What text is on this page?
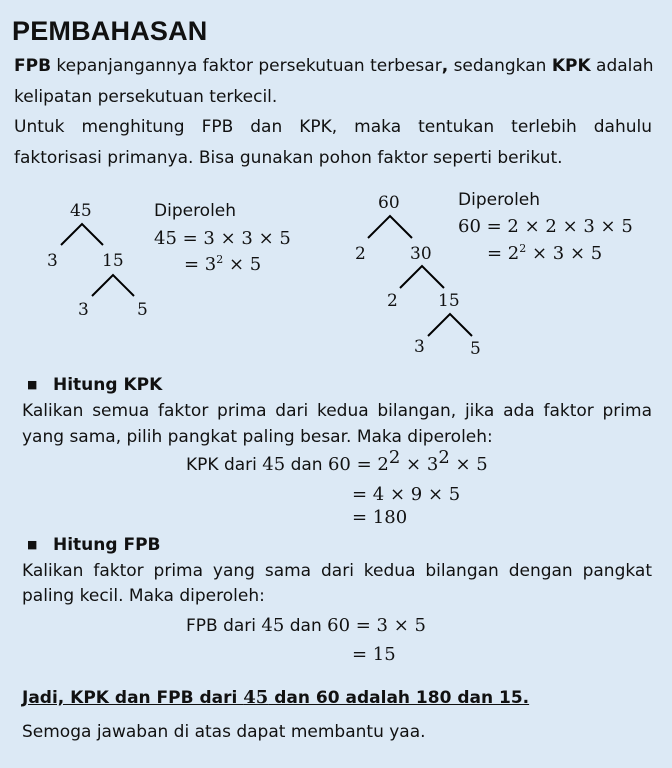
PEMBAHASAN
FPB kepanjangannya faktor persekutuan terbesar, sedangkan KPK adalah
kelipatan persekutuan terkecil.
Untuk menghitung FPB dan KPK, maka tentukan terlebih dahulu
faktorisasi primanya. Bisa gunakan pohon faktor seperti berikut.
45
3	15
3	5
Diperoleh
45 = 3 × 3 × 5
= $3^2 \times 5$
60
2	30
2 15
3	5
Diperoleh
60 = 2 × 2 × 3 × 5
= $2^2 \times 3 \times 5$
■ Hitung KPK
Kalikan semua faktor prima dari kedua bilangan, jika ada faktor prima
yang sama, pilih pangkat paling besar. Maka diperoleh:
KPK dari 45 dan $60 = 2^2 \times 3^2 \times 5$
= 4 × 9 × 5
= 180
■ Hitung FPB
Kalikan faktor prima yang sama dari kedua bilangan dengan pangkat
paling kecil. Maka diperoleh:
FPB dari 45 dan 60 = 3 × 5
= 15
Jadi, KPK dan FPB dari 45 dan 60 adalah 180 dan 15.
Semoga jawaban di atas dapat membantu yaa.
